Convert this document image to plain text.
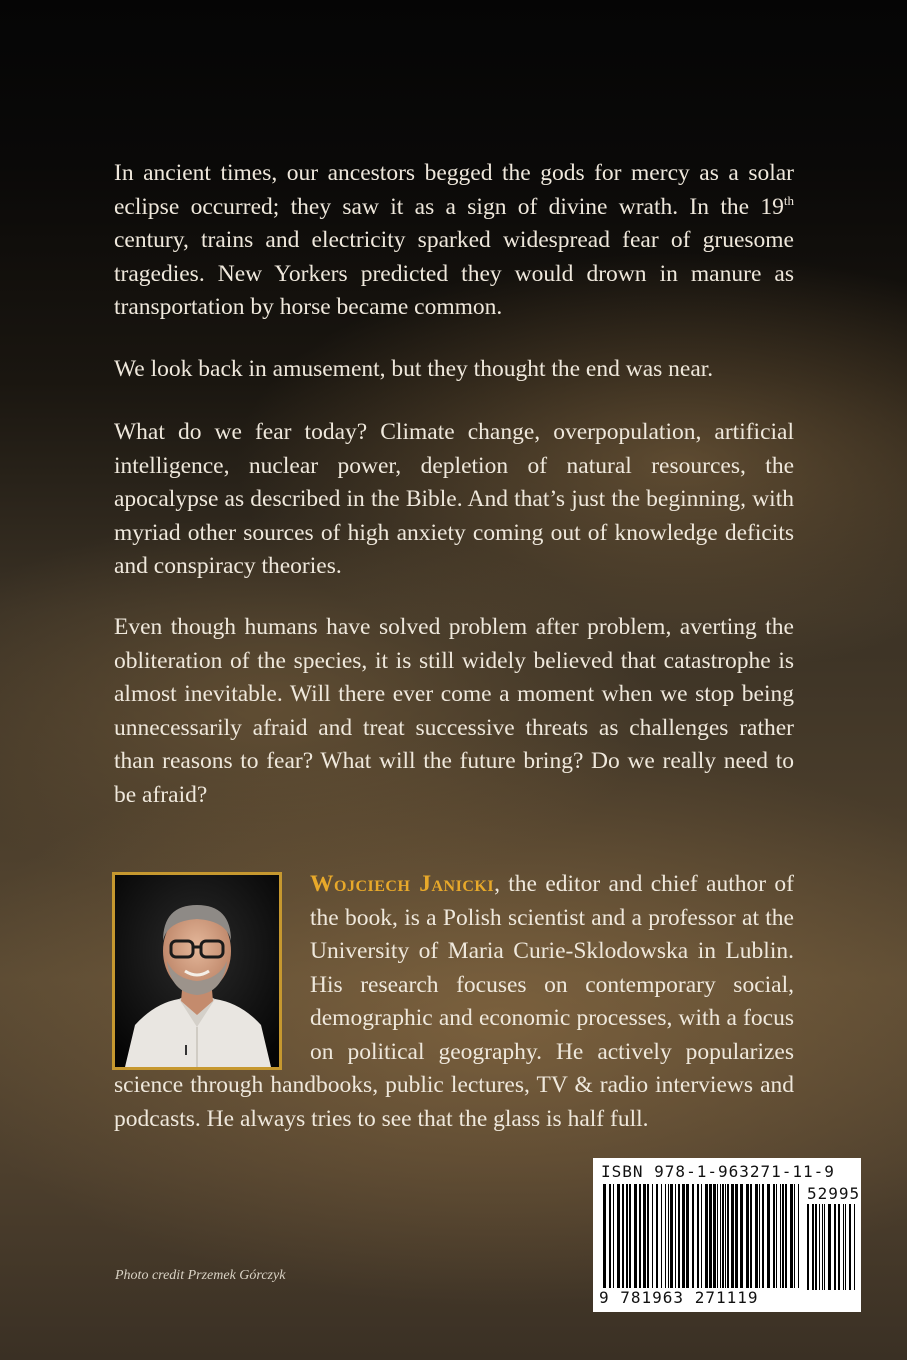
In ancient times, our ancestors begged the gods for mercy as a solar eclipse occurred; they saw it as a sign of divine wrath. In the 19th century, trains and electricity sparked widespread fear of gruesome tragedies. New Yorkers predicted they would drown in manure as transportation by horse became common.

We look back in amusement, but they thought the end was near.

What do we fear today? Climate change, overpopulation, artificial intelligence, nuclear power, depletion of natural resources, the apocalypse as described in the Bible. And that’s just the beginning, with myriad other sources of high anxiety coming out of knowledge deficits and conspiracy theories.

Even though humans have solved problem after problem, averting the obliteration of the species, it is still widely believed that catastrophe is almost inevitable. Will there ever come a moment when we stop being unnecessarily afraid and treat successive threats as challenges rather than reasons to fear? What will the future bring? Do we really need to be afraid?

Wojciech Janicki, the editor and chief author of the book, is a Polish scientist and a professor at the University of Maria Curie-Sklodowska in Lublin. His research focuses on contemporary social, demographic and economic processes, with a focus on political geography. He actively popularizes science through handbooks, public lectures, TV & radio interviews and podcasts. He always tries to see that the glass is half full.

Photo credit Przemek Górczyk

ISBN 978-1-963271-11-9
52995
9 781963 271119
